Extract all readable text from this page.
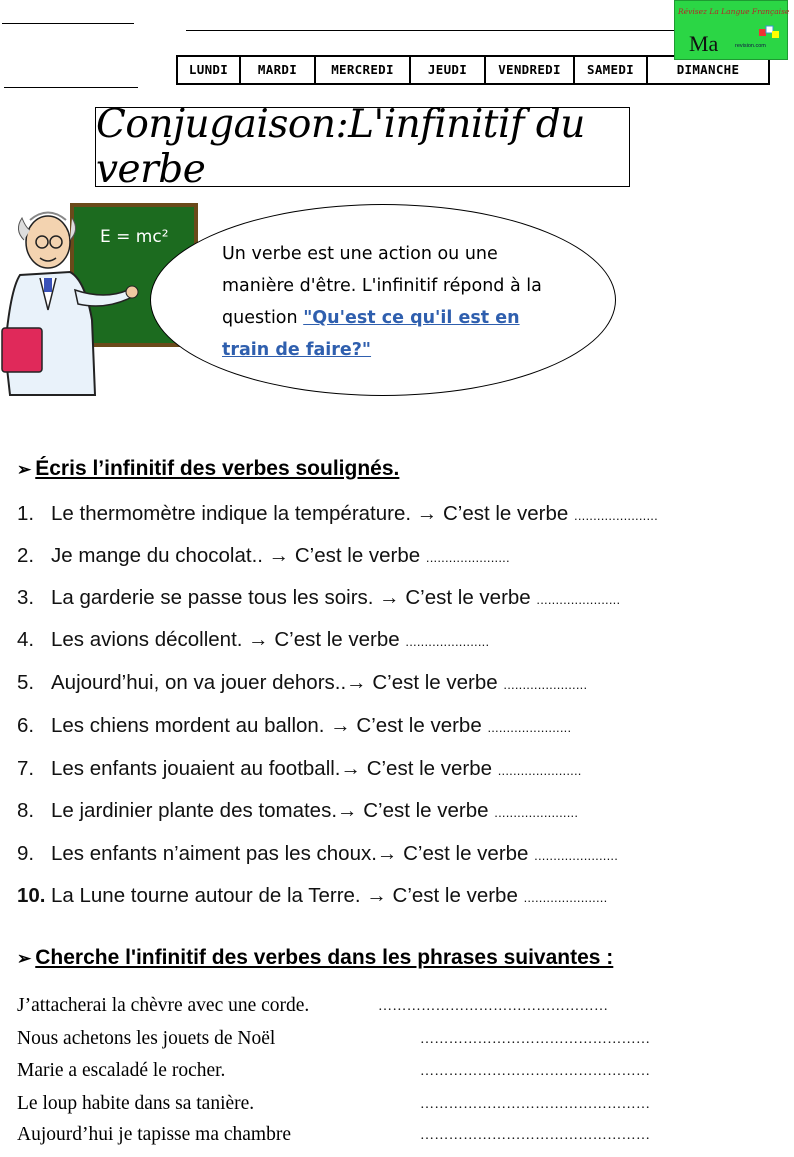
LUNDI	MARDI	MERCREDI	JEUDI	VENDREDI	SAMEDI	DIMANCHE
Révisez La Langue Française
Ma	revision.com
Conjugaison:L'infinitif du verbe
E = mc²
Un verbe est une action ou une manière d'être. L'infinitif répond à la question "Qu'est ce qu'il est en train de faire?"
➢ Écris l’infinitif des verbes soulignés.
1. Le thermomètre indique la température. → C’est le verbe ......................
2. Je mange du chocolat.. → C’est le verbe ......................
3. La garderie se passe tous les soirs. → C’est le verbe ......................
4. Les avions décollent. → C’est le verbe ......................
5. Aujourd’hui, on va jouer dehors..→ C’est le verbe ......................
6. Les chiens mordent au ballon. → C’est le verbe ......................
7. Les enfants jouaient au football.→ C’est le verbe ......................
8. Le jardinier plante des tomates.→ C’est le verbe ......................
9. Les enfants n’aiment pas les choux.→ C’est le verbe ......................
10. La Lune tourne autour de la Terre. → C’est le verbe ......................
➢ Cherche l'infinitif des verbes dans les phrases suivantes :
J’attacherai la chèvre avec une corde.	…………………………………………
Nous achetons les jouets de Noël	…………………………………………
Marie a escaladé le rocher.	…………………………………………
Le loup habite dans sa tanière.	…………………………………………
Aujourd’hui je tapisse ma chambre	…………………………………………
